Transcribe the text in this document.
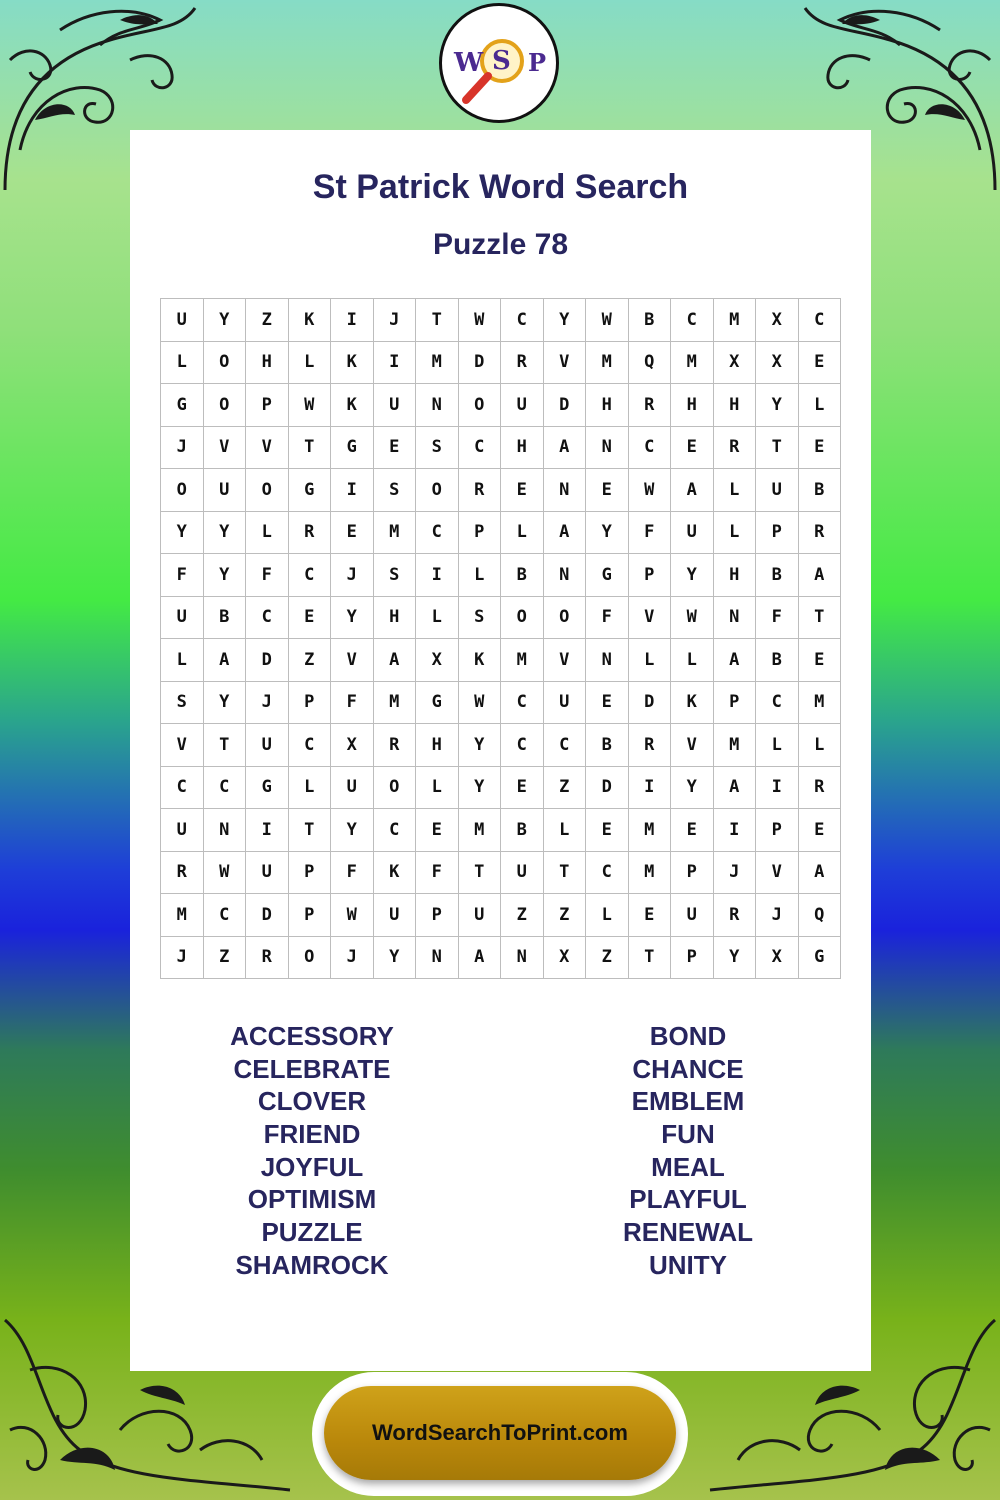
W S P
St Patrick Word Search
Puzzle 78
U	Y	Z	K	I	J	T	W	C	Y	W	B	C	M	X	C
L	O	H	L	K	I	M	D	R	V	M	Q	M	X	X	E
G	O	P	W	K	U	N	O	U	D	H	R	H	H	Y	L
J	V	V	T	G	E	S	C	H	A	N	C	E	R	T	E
O	U	O	G	I	S	O	R	E	N	E	W	A	L	U	B
Y	Y	L	R	E	M	C	P	L	A	Y	F	U	L	P	R
F	Y	F	C	J	S	I	L	B	N	G	P	Y	H	B	A
U	B	C	E	Y	H	L	S	O	O	F	V	W	N	F	T
L	A	D	Z	V	A	X	K	M	V	N	L	L	A	B	E
S	Y	J	P	F	M	G	W	C	U	E	D	K	P	C	M
V	T	U	C	X	R	H	Y	C	C	B	R	V	M	L	L
C	C	G	L	U	O	L	Y	E	Z	D	I	Y	A	I	R
U	N	I	T	Y	C	E	M	B	L	E	M	E	I	P	E
R	W	U	P	F	K	F	T	U	T	C	M	P	J	V	A
M	C	D	P	W	U	P	U	Z	Z	L	E	U	R	J	Q
J	Z	R	O	J	Y	N	A	N	X	Z	T	P	Y	X	G
ACCESSORY
CELEBRATE
CLOVER
FRIEND
JOYFUL
OPTIMISM
PUZZLE
SHAMROCK
BOND
CHANCE
EMBLEM
FUN
MEAL
PLAYFUL
RENEWAL
UNITY
WordSearchToPrint.com
